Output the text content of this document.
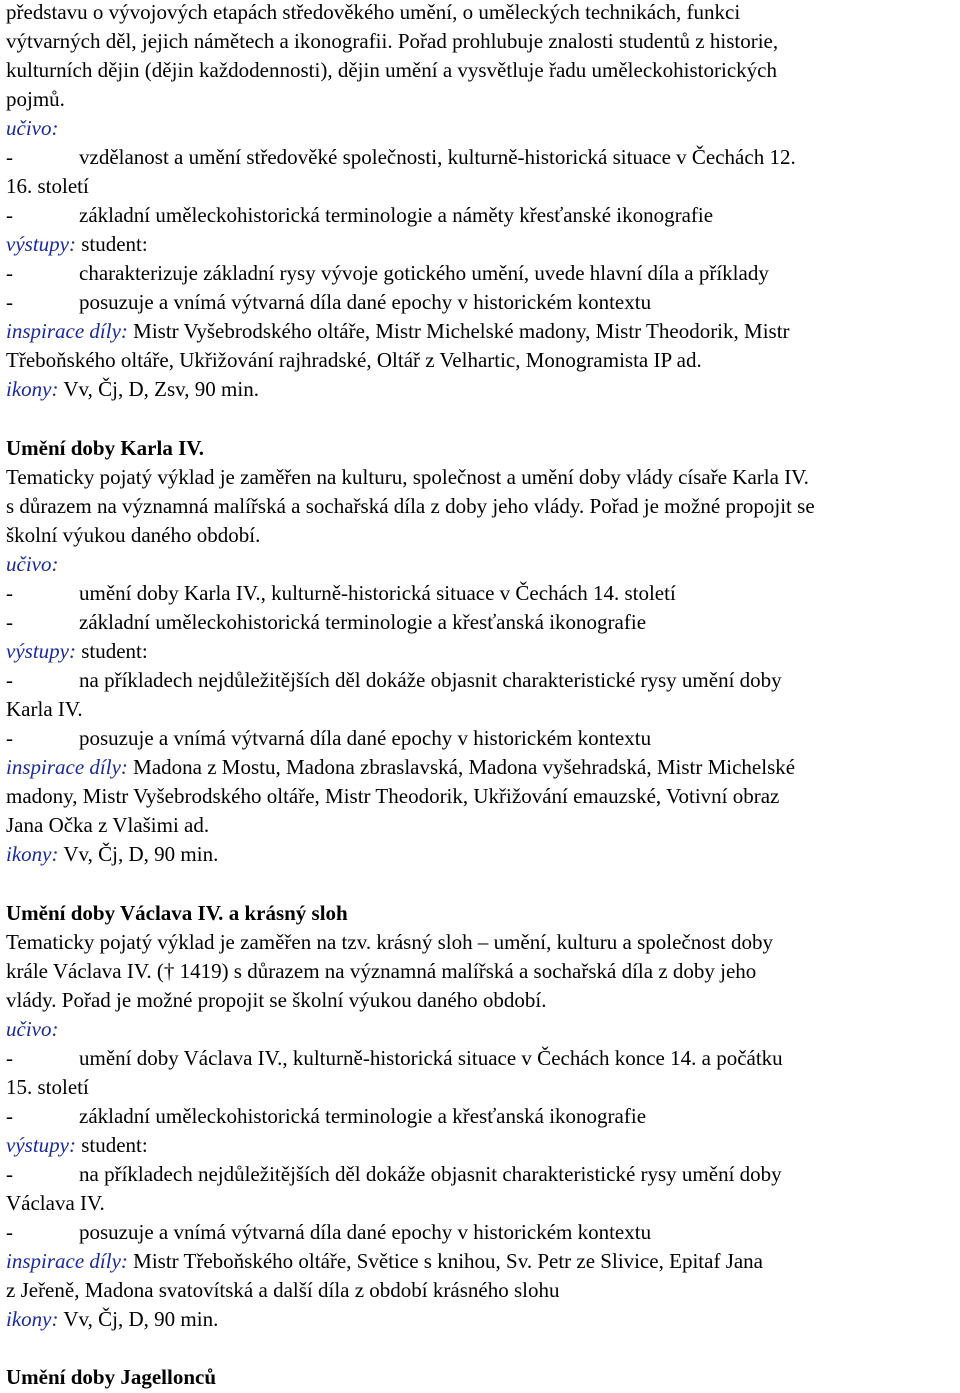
představu o vývojových etapách středověkého umění, o uměleckých technikách, funkci
výtvarných děl, jejich námětech a ikonografii. Pořad prohlubuje znalosti studentů z historie,
kulturních dějin (dějin každodennosti), dějin umění a vysvětluje řadu uměleckohistorických
pojmů.
učivo:
-	vzdělanost a umění středověké společnosti, kulturně-historická situace v Čechách 12.
16. století
-	základní uměleckohistorická terminologie a náměty křesťanské ikonografie
výstupy: student:
-	charakterizuje základní rysy vývoje gotického umění, uvede hlavní díla a příklady
-	posuzuje a vnímá výtvarná díla dané epochy v historickém kontextu
inspirace díly: Mistr Vyšebrodského oltáře, Mistr Michelské madony, Mistr Theodorik, Mistr
Třeboňského oltáře, Ukřižování rajhradské, Oltář z Velhartic, Monogramista IP ad.
ikony: Vv, Čj, D, Zsv, 90 min.
Umění doby Karla IV.
Tematicky pojatý výklad je zaměřen na kulturu, společnost a umění doby vlády císaře Karla IV.
s důrazem na významná malířská a sochařská díla z doby jeho vlády. Pořad je možné propojit se
školní výukou daného období.
učivo:
-	umění doby Karla IV., kulturně-historická situace v Čechách 14. století
-	základní uměleckohistorická terminologie a křesťanská ikonografie
výstupy: student:
-	na příkladech nejdůležitějších děl dokáže objasnit charakteristické rysy umění doby
Karla IV.
-	posuzuje a vnímá výtvarná díla dané epochy v historickém kontextu
inspirace díly: Madona z Mostu, Madona zbraslavská, Madona vyšehradská, Mistr Michelské
madony, Mistr Vyšebrodského oltáře, Mistr Theodorik, Ukřižování emauzské, Votivní obraz
Jana Očka z Vlašimi ad.
ikony: Vv, Čj, D, 90 min.
Umění doby Václava IV. a krásný sloh
Tematicky pojatý výklad je zaměřen na tzv. krásný sloh – umění, kulturu a společnost doby
krále Václava IV. († 1419) s důrazem na významná malířská a sochařská díla z doby jeho
vlády. Pořad je možné propojit se školní výukou daného období.
učivo:
-	umění doby Václava IV., kulturně-historická situace v Čechách konce 14. a počátku
15. století
-	základní uměleckohistorická terminologie a křesťanská ikonografie
výstupy: student:
-	na příkladech nejdůležitějších děl dokáže objasnit charakteristické rysy umění doby
Václava IV.
-	posuzuje a vnímá výtvarná díla dané epochy v historickém kontextu
inspirace díly: Mistr Třeboňského oltáře, Světice s knihou, Sv. Petr ze Slivice, Epitaf Jana
z Jeřeně, Madona svatovítská a další díla z období krásného slohu
ikony: Vv, Čj, D, 90 min.
Umění doby Jagellonců
